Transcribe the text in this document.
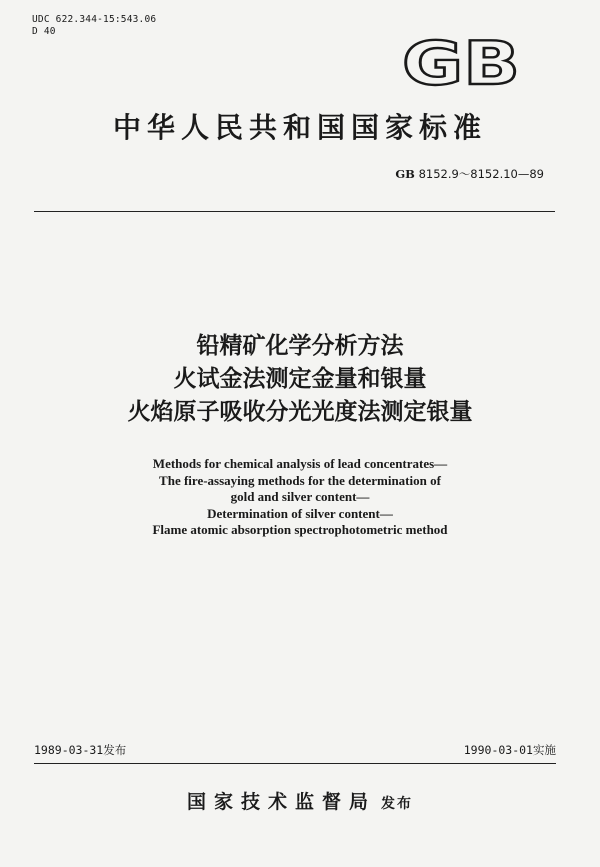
UDC 622.344-15:543.06
D 40	GB
中华人民共和国国家标准
GB 8152.9～8152.10—89
铅精矿化学分析方法
火试金法测定金量和银量
火焰原子吸收分光光度法测定银量
Methods for chemical analysis of lead concentrates—
The fire-assaying methods for the determination of
gold and silver content—
Determination of silver content—
Flame atomic absorption spectrophotometric method
1989-03-31发布	1990-03-01实施
国家技术监督局 发布
